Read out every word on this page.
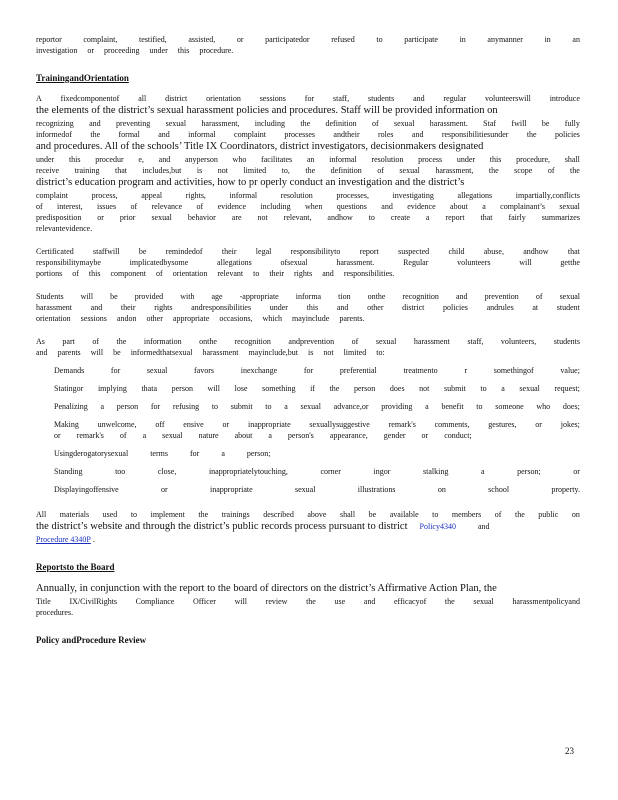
reportor	complaint,	testified,	assisted,	or	participatedor	refused	to	participate	in	anymanner	in	an
investigation or proceeding under this procedure.
TrainingandOrientation
A fixedcomponentof all district orientation sessions for staff, students and regular volunteerswill introduce
the elements of the district’s sexual harassment policies and procedures. Staff will be provided information on
recognizing and preventing sexual harassment, including the definition of sexual harassment. Staf fwill be fully
informedof the formal and informal complaint processes andtheir roles and responsibilitiesunder the policies
and procedures. All of the schools’ Title IX Coordinators, district investigators, decisionmakers designated
under this procedur e, and anyperson who facilitates an informal resolution process under this procedure, shall
receive training that includes,but is not limited to, the definition of sexual harassment, the scope of the
district’s education program and activities, how to pr operly conduct an investigation and the district’s
complaint	process,	appeal	rights,	informal	resolution	processes,	investigating	allegations	impartially,conflicts
of interest, issues of relevance of evidence including when questions and evidence about a complainant’s sexual
predisposition or prior sexual behavior are not relevant, andhow to create a report that fairly summarizes
relevantevidence.
Certificated staffwill be remindedof their legal responsibilityto report suspected child abuse, andhow that
responsibilitymaybe	implicatedbysome	allegations	ofsexual	harassment.	Regular	volunteers	will	getthe
portions of this component of orientation relevant to their rights and responsibilities.
Students will be provided with age -appropriate informa tion onthe recognition and prevention of sexual
harassment and their rights andresponsibilities under this and other district policies andrules at student
orientation sessions andon other appropriate occasions, which mayinclude parents.
As part of the information onthe recognition andprevention of sexual harassment staff, volunteers, students
and parents will be informedthatsexual harassment mayinclude,but is not limited to:
Demands	for	sexual	favors	inexchange	for	preferential	treatmento	r	somethingof	value;
Statingor implying thata person will lose something if the person does not submit to a sexual request;
Penalizing a person for refusing to submit to a sexual advance,or providing a benefit to someone who does;
Making unwelcome, off ensive or inappropriate sexuallysuggestive remark's comments, gestures, or jokes;
or remark's of a sexual nature about a person's appearance, gender or conduct;
Usingderogatorysexual	terms	for	a	person;
Standing	too	close,	inappropriatelytouching,	corner	ingor	stalking	a	person;	or
Displayingoffensive	or	inappropriate	sexual	illustrations	on	school	property.
All materials used to implement the trainings described above shall be available to members of the public on
the district’s website and through the district’s public records process pursuant to district Policy4340	and
Procedure 4340P .
Reportsto the Board
Annually, in conjunction with the report to the board of directors on the district’s Affirmative Action Plan, the
Title IX/CivilRights Compliance Officer will review the use and efficacyof the sexual harassmentpolicyand
procedures.
Policy andProcedure Review
23
